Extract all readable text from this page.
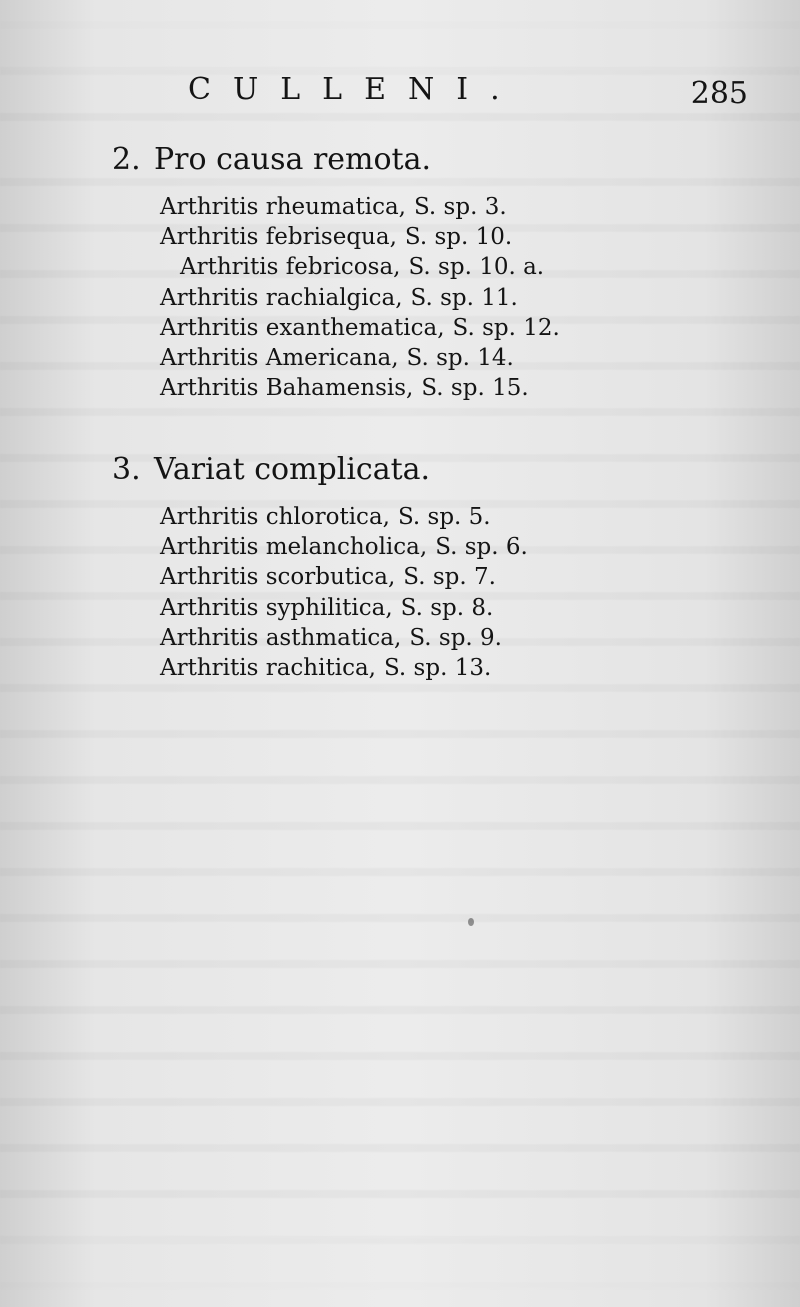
CULLENI.	285
2. Pro causa remota.
Arthritis rheumatica, S. sp. 3.
Arthritis febrisequa, S. sp. 10.
Arthritis febricosa, S. sp. 10. a.
Arthritis rachialgica, S. sp. 11.
Arthritis exanthematica, S. sp. 12.
Arthritis Americana, S. sp. 14.
Arthritis Bahamensis, S. sp. 15.
3. Variat complicata.
Arthritis chlorotica, S. sp. 5.
Arthritis melancholica, S. sp. 6.
Arthritis scorbutica, S. sp. 7.
Arthritis syphilitica, S. sp. 8.
Arthritis asthmatica, S. sp. 9.
Arthritis rachitica, S. sp. 13.
